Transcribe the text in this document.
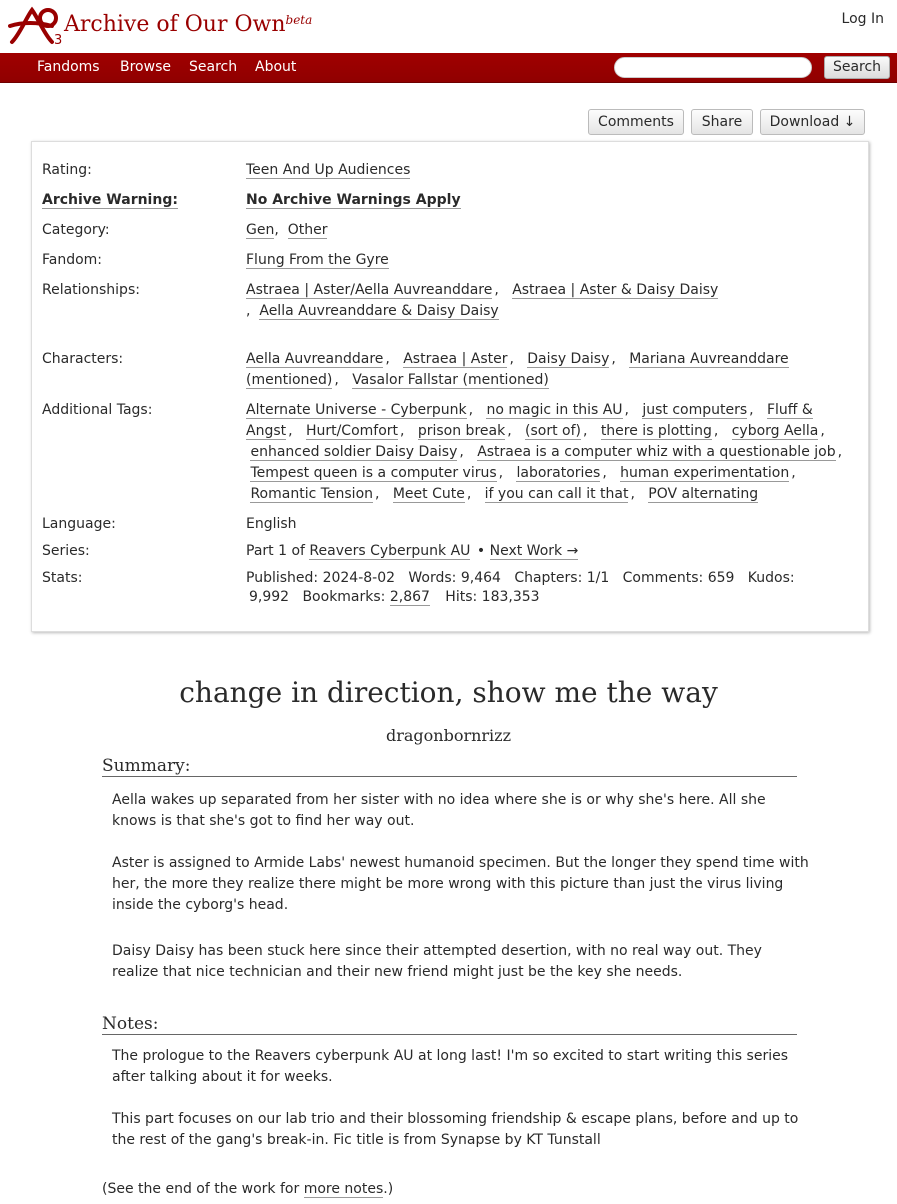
3
Archive of Our Own$^{beta}$	Log In
Fandoms Browse Search About	Search
Comments	Share	Download ↓
Rating:	Teen And Up Audiences
Archive Warning:	No Archive Warnings Apply
Category:	Gen, Other
Fandom:	Flung From the Gyre
Relationships:	Astraea | Aster/Aella Auvreanddare ,   Astraea | Aster & Daisy Daisy
,  Aella Auvreanddare & Daisy Daisy
Characters:	Aella Auvreanddare ,   Astraea | Aster ,   Daisy Daisy ,   Mariana Auvreanddare
(mentioned) ,   Vasalor Fallstar (mentioned)
Additional Tags:	Alternate Universe - Cyberpunk ,   no magic in this AU ,   just computers ,   Fluff &
Angst ,   Hurt/Comfort ,   prison break ,   (sort of) ,   there is plotting ,   cyborg Aella ,
enhanced soldier Daisy Daisy ,   Astraea is a computer whiz with a questionable job ,
Tempest queen is a computer virus ,   laboratories ,   human experimentation ,
Romantic Tension ,   Meet Cute ,   if you can call it that ,   POV alternating
Language:	English
Series:	Part 1 of Reavers Cyberpunk AU • Next Work →
Stats:	Published: 2024-8-02 Words: 9,464 Chapters: 1/1 Comments: 659 Kudos:
9,992 Bookmarks: 2,867 Hits: 183,353
change in direction, show me the way
dragonbornrizz
Summary:
Aella wakes up separated from her sister with no idea where she is or why she's here. All she knows is that she's got to find her way out.
Aster is assigned to Armide Labs' newest humanoid specimen. But the longer they spend time with her, the more they realize there might be more wrong with this picture than just the virus living inside the cyborg's head.
Daisy Daisy has been stuck here since their attempted desertion, with no real way out. They realize that nice technician and their new friend might just be the key she needs.
Notes:
The prologue to the Reavers cyberpunk AU at long last! I'm so excited to start writing this series after talking about it for weeks.
This part focuses on our lab trio and their blossoming friendship & escape plans, before and up to the rest of the gang's break-in. Fic title is from Synapse by KT Tunstall
(See the end of the work for more notes.)
